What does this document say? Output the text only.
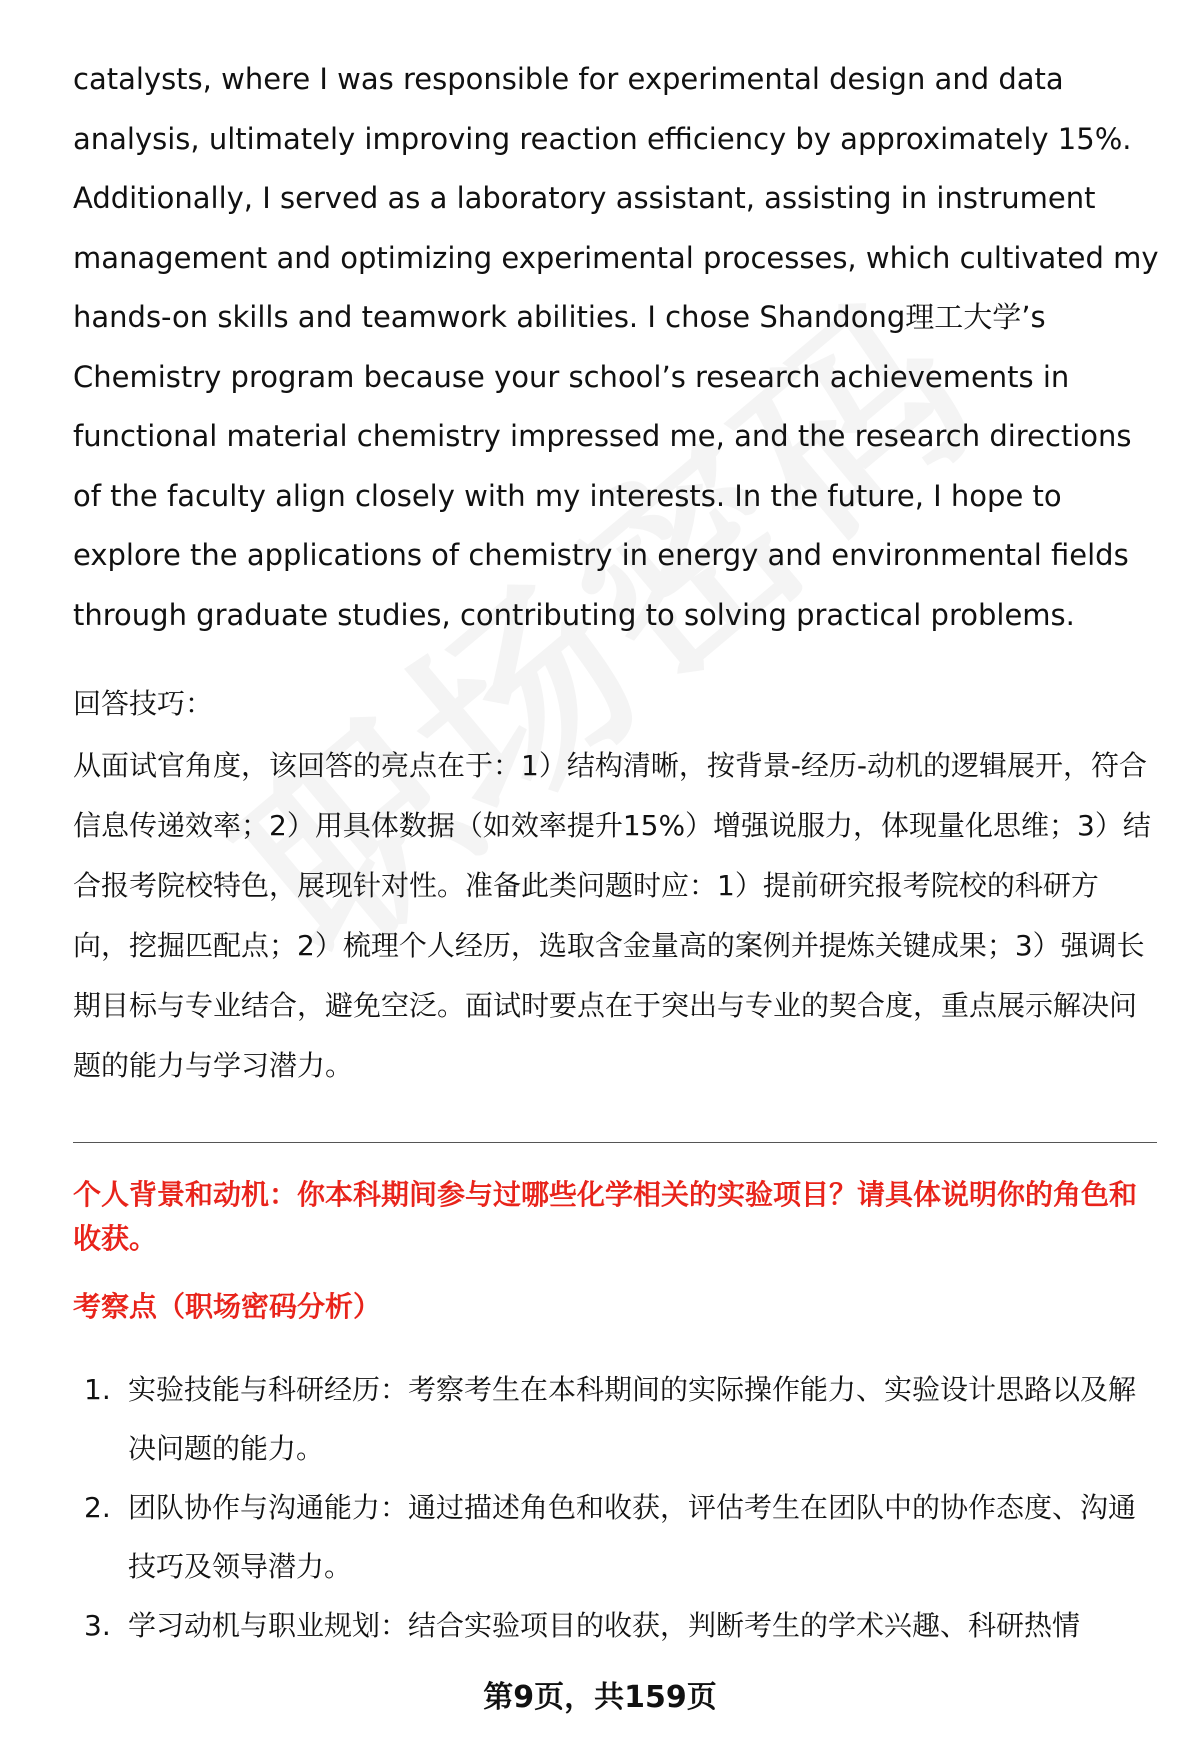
catalysts, where I was responsible for experimental design and data analysis, ultimately improving reaction efficiency by approximately 15%. Additionally, I served as a laboratory assistant, assisting in instrument management and optimizing experimental processes, which cultivated my hands-on skills and teamwork abilities. I chose Shandong理工大学’s Chemistry program because your school’s research achievements in functional material chemistry impressed me, and the research directions of the faculty align closely with my interests. In the future, I hope to explore the applications of chemistry in energy and environmental fields through graduate studies, contributing to solving practical problems.

回答技巧：

从面试官角度，该回答的亮点在于：1）结构清晰，按背景-经历-动机的逻辑展开，符合信息传递效率；2）用具体数据（如效率提升15%）增强说服力，体现量化思维；3）结合报考院校特色，展现针对性。准备此类问题时应：1）提前研究报考院校的科研方向，挖掘匹配点；2）梳理个人经历，选取含金量高的案例并提炼关键成果；3）强调长期目标与专业结合，避免空泛。面试时要点在于突出与专业的契合度，重点展示解决问题的能力与学习潜力。

个人背景和动机：你本科期间参与过哪些化学相关的实验项目？请具体说明你的角色和收获。

考察点（职场密码分析）

1. 实验技能与科研经历：考察考生在本科期间的实际操作能力、实验设计思路以及解决问题的能力。
2. 团队协作与沟通能力：通过描述角色和收获，评估考生在团队中的协作态度、沟通技巧及领导潜力。
3. 学习动机与职业规划：结合实验项目的收获，判断考生的学术兴趣、科研热情
第9页，共159页
